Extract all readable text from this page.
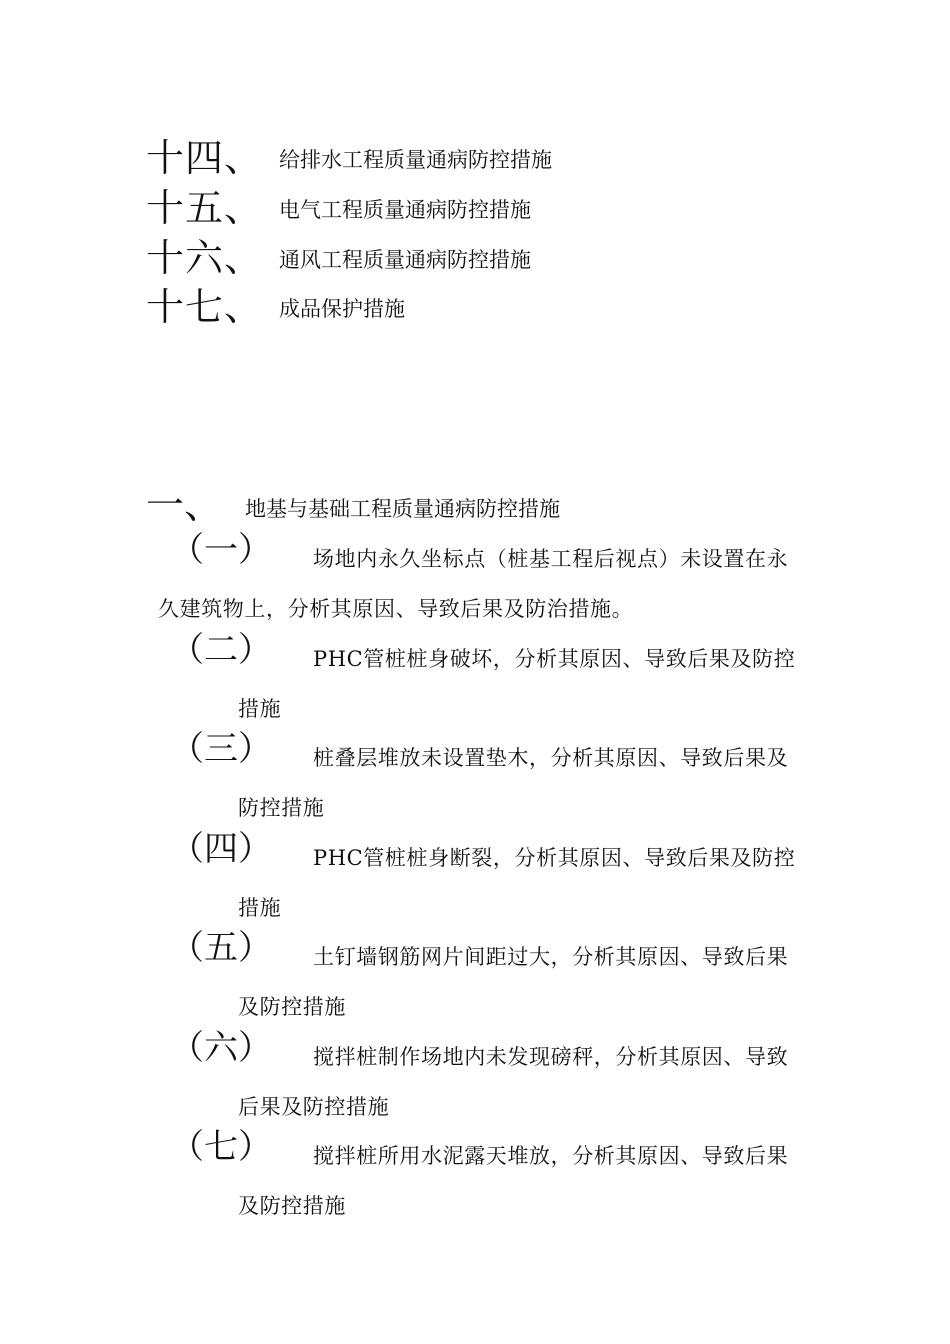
十四、 给排水工程质量通病防控措施
十五、 电气工程质量通病防控措施
十六、 通风工程质量通病防控措施
十七、 成品保护措施
一、 地基与基础工程质量通病防控措施
（一） 场地内永久坐标点（桩基工程后视点）未设置在永
久建筑物上，分析其原因、导致后果及防治措施。
（二） PHC管桩桩身破坏，分析其原因、导致后果及防控
措施
（三） 桩叠层堆放未设置垫木，分析其原因、导致后果及
防控措施
（四） PHC管桩桩身断裂，分析其原因、导致后果及防控
措施
（五） 土钉墙钢筋网片间距过大，分析其原因、导致后果
及防控措施
（六） 搅拌桩制作场地内未发现磅秤，分析其原因、导致
后果及防控措施
（七） 搅拌桩所用水泥露天堆放，分析其原因、导致后果
及防控措施
